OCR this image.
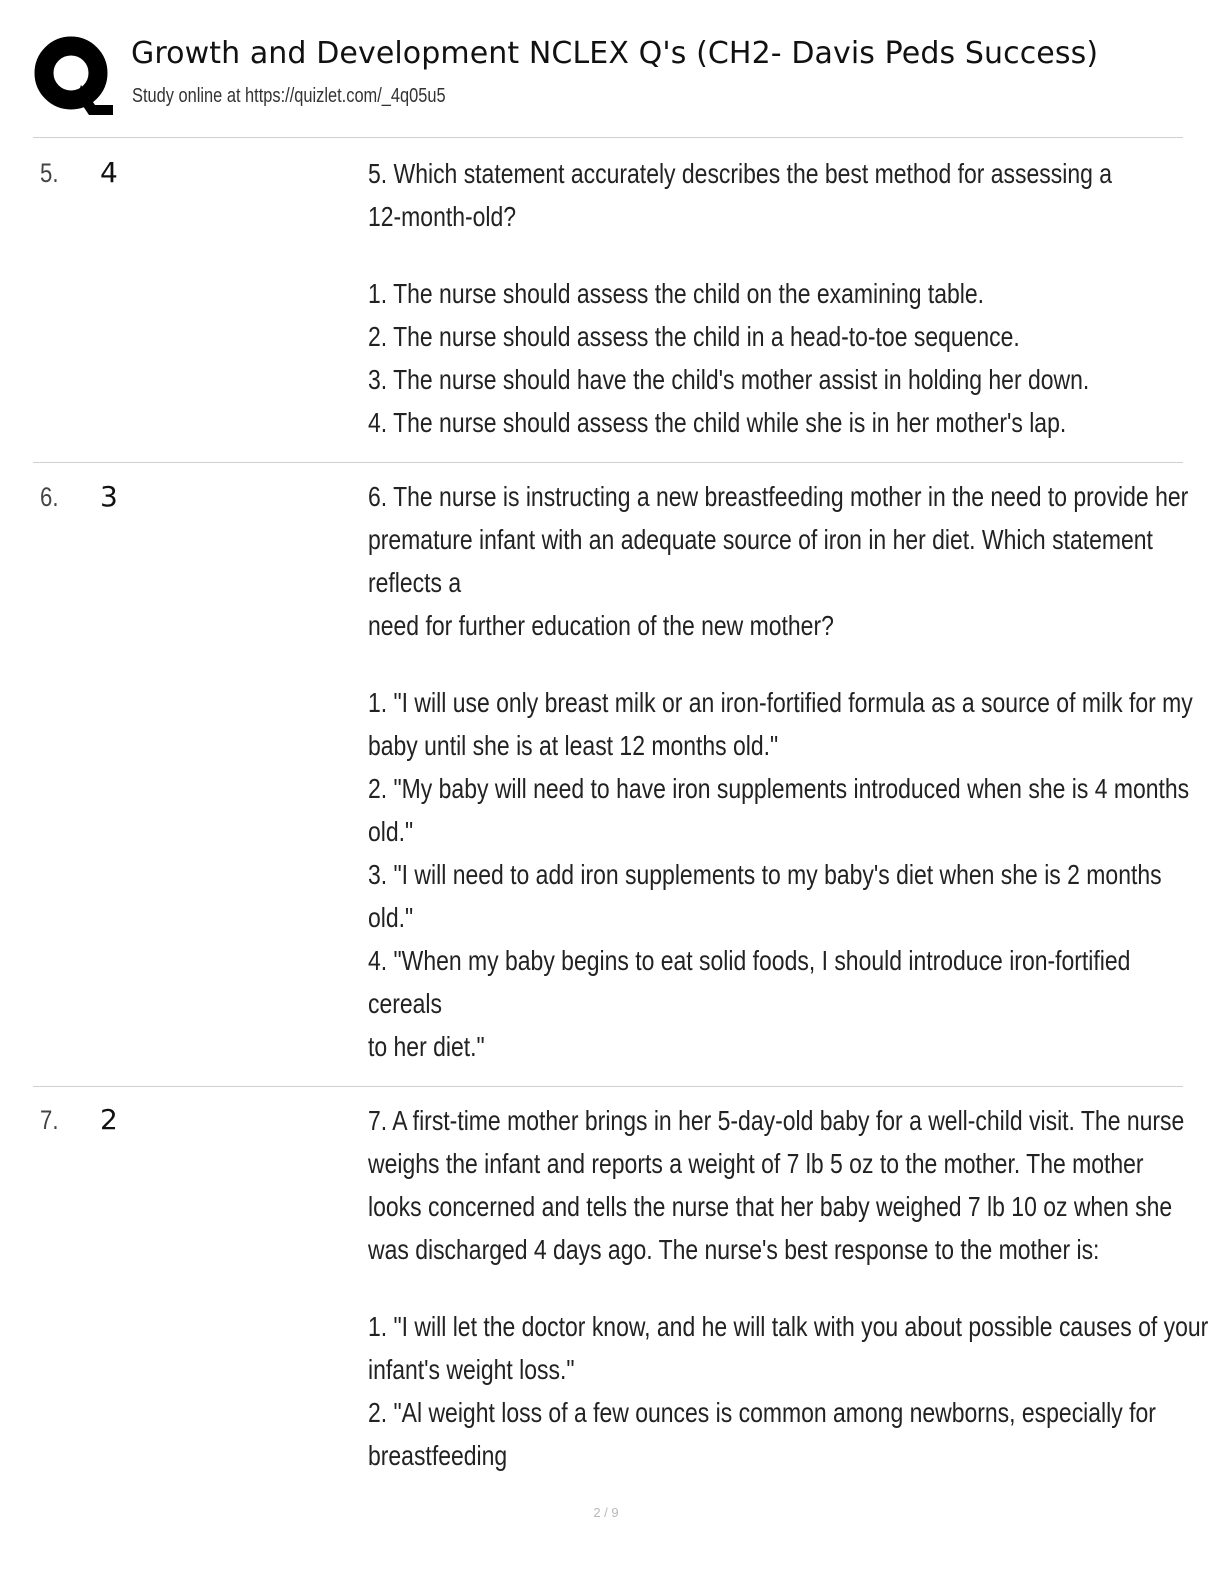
Growth and Development NCLEX Q's (CH2- Davis Peds Success)
Study online at https://quizlet.com/_4q05u5
5. 4	5. Which statement accurately describes the best method for assessing a
12-month-old?
1. The nurse should assess the child on the examining table.
2. The nurse should assess the child in a head-to-toe sequence.
3. The nurse should have the child's mother assist in holding her down.
4. The nurse should assess the child while she is in her mother's lap.
6. 3	6. The nurse is instructing a new breastfeeding mother in the need to provide her
premature infant with an adequate source of iron in her diet. Which statement
reflects a
need for further education of the new mother?
1. "I will use only breast milk or an iron-fortified formula as a source of milk for my
baby until she is at least 12 months old."
2. "My baby will need to have iron supplements introduced when she is 4 months
old."
3. "I will need to add iron supplements to my baby's diet when she is 2 months
old."
4. "When my baby begins to eat solid foods, I should introduce iron-fortified
cereals
to her diet."
7. 2	7. A first-time mother brings in her 5-day-old baby for a well-child visit. The nurse
weighs the infant and reports a weight of 7 lb 5 oz to the mother. The mother
looks concerned and tells the nurse that her baby weighed 7 lb 10 oz when she
was discharged 4 days ago. The nurse's best response to the mother is:
1. "I will let the doctor know, and he will talk with you about possible causes of your
infant's weight loss."
2. "Al weight loss of a few ounces is common among newborns, especially for
breastfeeding
2 / 9
